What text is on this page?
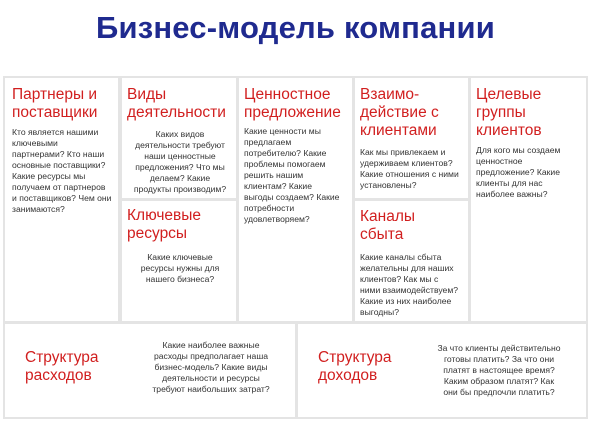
Бизнес-модель компании
Партнеры и
поставщики
Кто является нашими
ключевыми
партнерами? Кто наши
основные поставщики?
Какие ресурсы мы
получаем от партнеров
и поставщиков? Чем они
занимаются?
Виды
деятельности
Каких видов
деятельности требуют
наши ценностные
предложения? Что мы
делаем? Какие
продукты производим?
Ключевые
ресурсы
Какие ключевые
ресурсы нужны для
нашего бизнеса?
Ценностное
предложение
Какие ценности мы
предлагаем
потребителю? Какие
проблемы помогаем
решить нашим
клиентам? Какие
выгоды создаем? Какие
потребности
удовлетворяем?
Взаимо-
действие с
клиентами
Как мы привлекаем и
удерживаем клиентов?
Какие отношения с ними
установлены?
Каналы
сбыта
Какие каналы сбыта
желательны для наших
клиентов? Как мы с
ними взаимодействуем?
Какие из них наиболее
выгодны?
Целевые
группы
клиентов
Для кого мы создаем
ценностное
предложение? Какие
клиенты для нас
наиболее важны?
Структура
расходов
Какие наиболее важные
расходы предполагает наша
бизнес-модель? Какие виды
деятельности и ресурсы
требуют наибольших затрат?
Структура
доходов
За что клиенты действительно
готовы платить? За что они
платят в настоящее время?
Каким образом платят? Как
они бы предпочли платить?
